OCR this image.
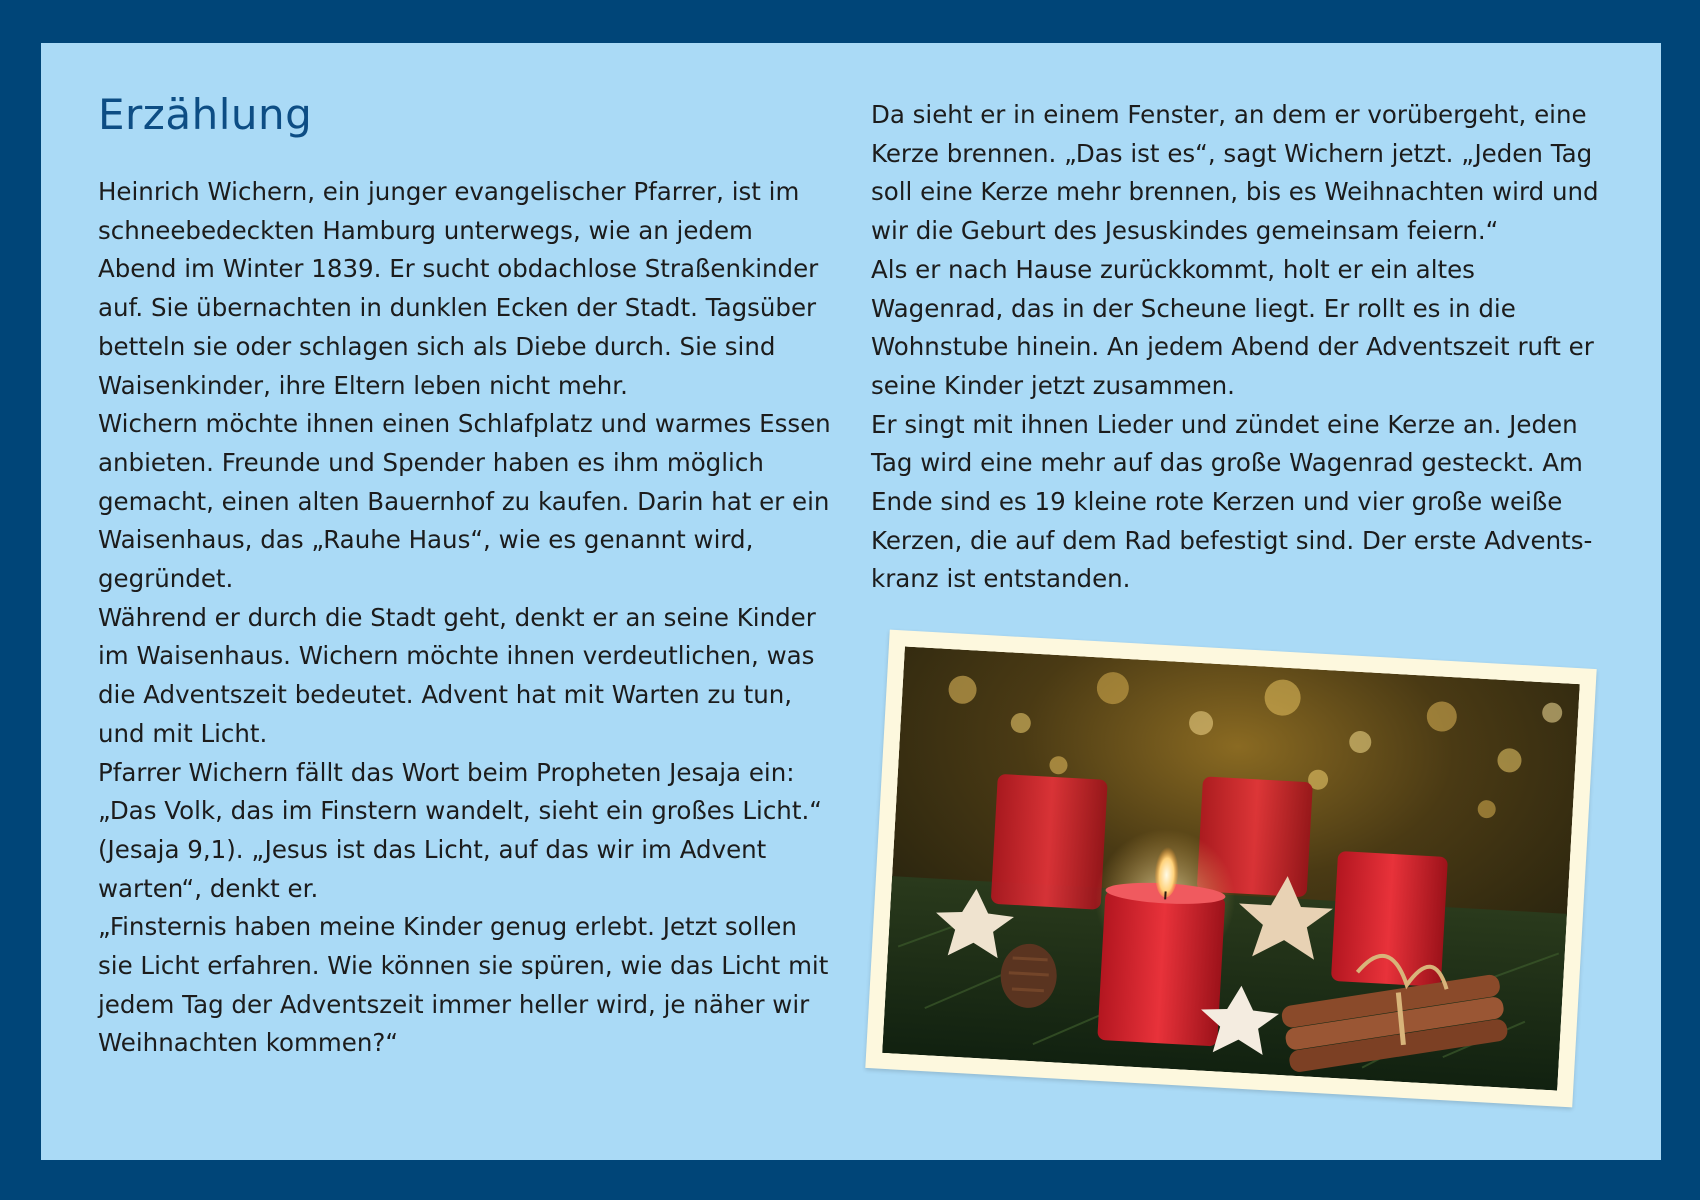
Erzählung

Heinrich Wichern, ein junger evangelischer Pfarrer, ist im schneebedeckten Hamburg unterwegs, wie an jedem Abend im Winter 1839. Er sucht obdachlose Straßenkinder auf. Sie übernachten in dunklen Ecken der Stadt. Tagsüber betteln sie oder schlagen sich als Diebe durch. Sie sind Waisenkinder, ihre Eltern leben nicht mehr.

Wichern möchte ihnen einen Schlafplatz und warmes Essen anbieten. Freunde und Spender haben es ihm möglich gemacht, einen alten Bauernhof zu kaufen. Darin hat er ein Waisenhaus, das „Rauhe Haus“, wie es genannt wird, gegründet.

Während er durch die Stadt geht, denkt er an seine Kinder im Waisenhaus. Wichern möchte ihnen verdeutlichen, was die Adventszeit bedeutet. Advent hat mit Warten zu tun, und mit Licht.

Pfarrer Wichern fällt das Wort beim Propheten Jesaja ein: „Das Volk, das im Finstern wandelt, sieht ein großes Licht.“ (Jesaja 9,1). „Jesus ist das Licht, auf das wir im Advent warten“, denkt er.

„Finsternis haben meine Kinder genug erlebt. Jetzt sollen sie Licht erfahren. Wie können sie spüren, wie das Licht mit jedem Tag der Adventszeit immer heller wird, je näher wir Weihnachten kommen?“

Da sieht er in einem Fenster, an dem er vorübergeht, eine Kerze brennen. „Das ist es“, sagt Wichern jetzt. „Jeden Tag soll eine Kerze mehr brennen, bis es Weihnachten wird und wir die Geburt des Jesuskindes gemeinsam feiern.“

Als er nach Hause zurückkommt, holt er ein altes Wagenrad, das in der Scheune liegt. Er rollt es in die Wohnstube hinein. An jedem Abend der Adventszeit ruft er seine Kinder jetzt zusammen.

Er singt mit ihnen Lieder und zündet eine Kerze an. Jeden Tag wird eine mehr auf das große Wagenrad gesteckt. Am Ende sind es 19 kleine rote Kerzen und vier große weiße Kerzen, die auf dem Rad befestigt sind. Der erste Adventskranz ist entstanden.
